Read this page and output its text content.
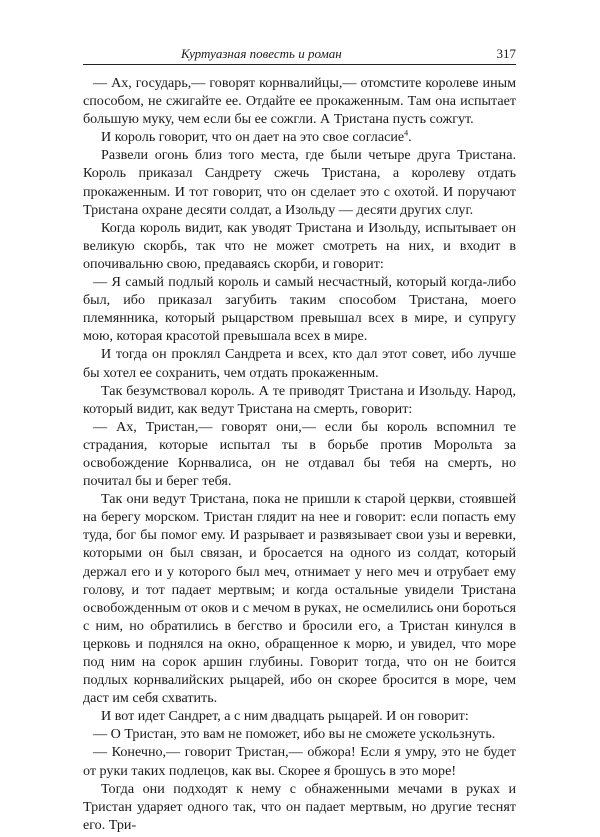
Куртуазная повесть и роман	317

— Ах, государь,— говорят корнвалийцы,— отомстите королеве иным способом, не сжигайте ее. Отдайте ее прокаженным. Там она испытает большую муку, чем если бы ее сожгли. А Тристана пусть сожгут.

И король говорит, что он дает на это свое согласие$^4$.

Развели огонь близ того места, где были четыре друга Тристана. Король приказал Сандрету сжечь Тристана, а королеву отдать прокаженным. И тот говорит, что он сделает это с охотой. И поручают Тристана охране десяти солдат, а Изольду — десяти других слуг.

Когда король видит, как уводят Тристана и Изольду, испытывает он великую скорбь, так что не может смотреть на них, и входит в опочивальню свою, предаваясь скорби, и говорит:

— Я самый подлый король и самый несчастный, который когда-либо был, ибо приказал загубить таким способом Тристана, моего племянника, который рыцарством превышал всех в мире, и супругу мою, которая красотой превышала всех в мире.

И тогда он проклял Сандрета и всех, кто дал этот совет, ибо лучше бы хотел ее сохранить, чем отдать прокаженным.

Так безумствовал король. А те приводят Тристана и Изольду. Народ, который видит, как ведут Тристана на смерть, говорит:

— Ах, Тристан,— говорят они,— если бы король вспомнил те страдания, которые испытал ты в борьбе против Морольта за освобождение Корнвалиса, он не отдавал бы тебя на смерть, но почитал бы и берег тебя.

Так они ведут Тристана, пока не пришли к старой церкви, стоявшей на берегу морском. Тристан глядит на нее и говорит: если попасть ему туда, бог бы помог ему. И разрывает и развязывает свои узы и веревки, которыми он был связан, и бросается на одного из солдат, который держал его и у которого был меч, отнимает у него меч и отрубает ему голову, и тот падает мертвым; и когда остальные увидели Тристана освобожденным от оков и с мечом в руках, не осмелились они бороться с ним, но обратились в бегство и бросили его, а Тристан кинулся в церковь и поднялся на окно, обращенное к морю, и увидел, что море под ним на сорок аршин глубины. Говорит тогда, что он не боится подлых корнвалийских рыцарей, ибо он скорее бросится в море, чем даст им себя схватить.

И вот идет Сандрет, а с ним двадцать рыцарей. И он говорит:

— О Тристан, это вам не поможет, ибо вы не сможете ускользнуть.

— Конечно,— говорит Тристан,— обжора! Если я умру, это не будет от руки таких подлецов, как вы. Скорее я брошусь в это море!

Тогда они подходят к нему с обнаженными мечами в руках и Тристан ударяет одного так, что он падает мертвым, но другие теснят его. Три-
